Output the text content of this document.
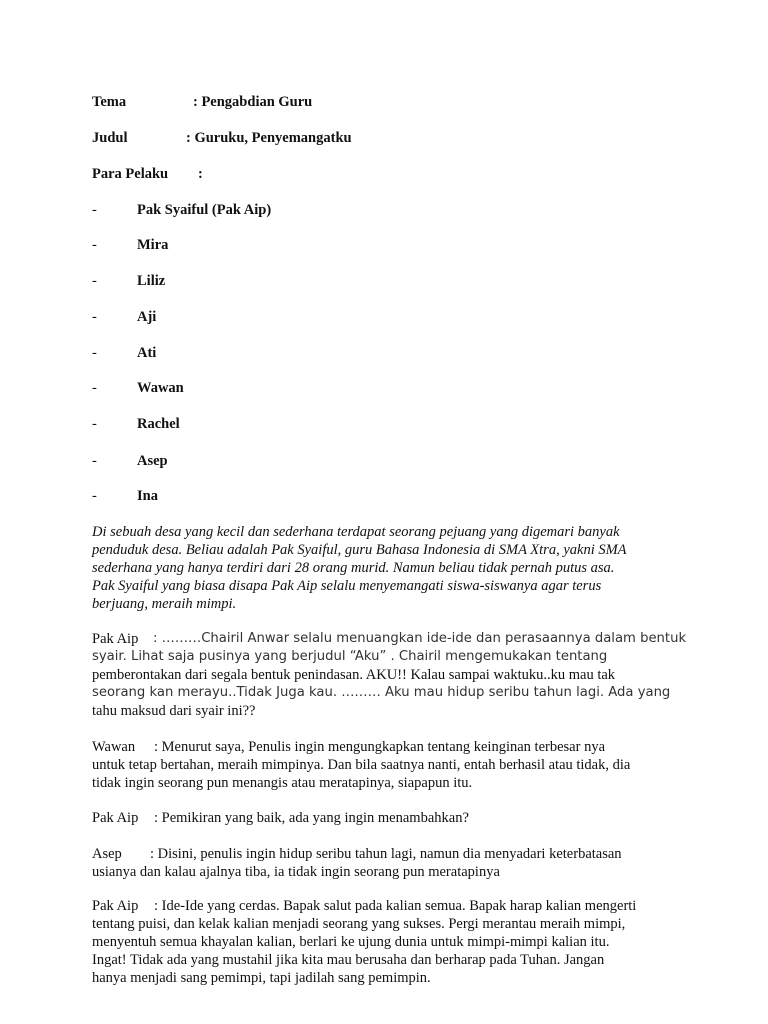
Tema	: Pengabdian Guru
Judul	: Guruku, Penyemangatku
Para Pelaku :
-	Pak Syaiful (Pak Aip)
-	Mira
-	Liliz
-	Aji
-	Ati
-	Wawan
-	Rachel
-	Asep
-	Ina

Di sebuah desa yang kecil dan sederhana terdapat seorang pejuang yang digemari banyak

penduduk desa. Beliau adalah Pak Syaiful, guru Bahasa Indonesia di SMA Xtra, yakni SMA

sederhana yang hanya terdiri dari 28 orang murid. Namun beliau tidak pernah putus asa.

Pak Syaiful yang biasa disapa Pak Aip selalu menyemangati siswa-siswanya agar terus

berjuang, meraih mimpi.

Pak Aip : ………Chairil Anwar selalu menuangkan ide-ide dan perasaannya dalam bentuk

syair. Lihat saja pusinya yang berjudul “Aku” . Chairil mengemukakan tentang

pemberontakan dari segala bentuk penindasan. AKU!! Kalau sampai waktuku..ku mau tak

seorang kan merayu..Tidak Juga kau. ……… Aku mau hidup seribu tahun lagi. Ada yang

tahu maksud dari syair ini??

Wawan : Menurut saya, Penulis ingin mengungkapkan tentang keinginan terbesar nya

untuk tetap bertahan, meraih mimpinya. Dan bila saatnya nanti, entah berhasil atau tidak, dia

tidak ingin seorang pun menangis atau meratapinya, siapapun itu.

Pak Aip : Pemikiran yang baik, ada yang ingin menambahkan?

Asep : Disini, penulis ingin hidup seribu tahun lagi, namun dia menyadari keterbatasan

usianya dan kalau ajalnya tiba, ia tidak ingin seorang pun meratapinya

Pak Aip : Ide-Ide yang cerdas. Bapak salut pada kalian semua. Bapak harap kalian mengerti

tentang puisi, dan kelak kalian menjadi seorang yang sukses. Pergi merantau meraih mimpi,

menyentuh semua khayalan kalian, berlari ke ujung dunia untuk mimpi-mimpi kalian itu.

Ingat! Tidak ada yang mustahil jika kita mau berusaha dan berharap pada Tuhan. Jangan

hanya menjadi sang pemimpi, tapi jadilah sang pemimpin.
